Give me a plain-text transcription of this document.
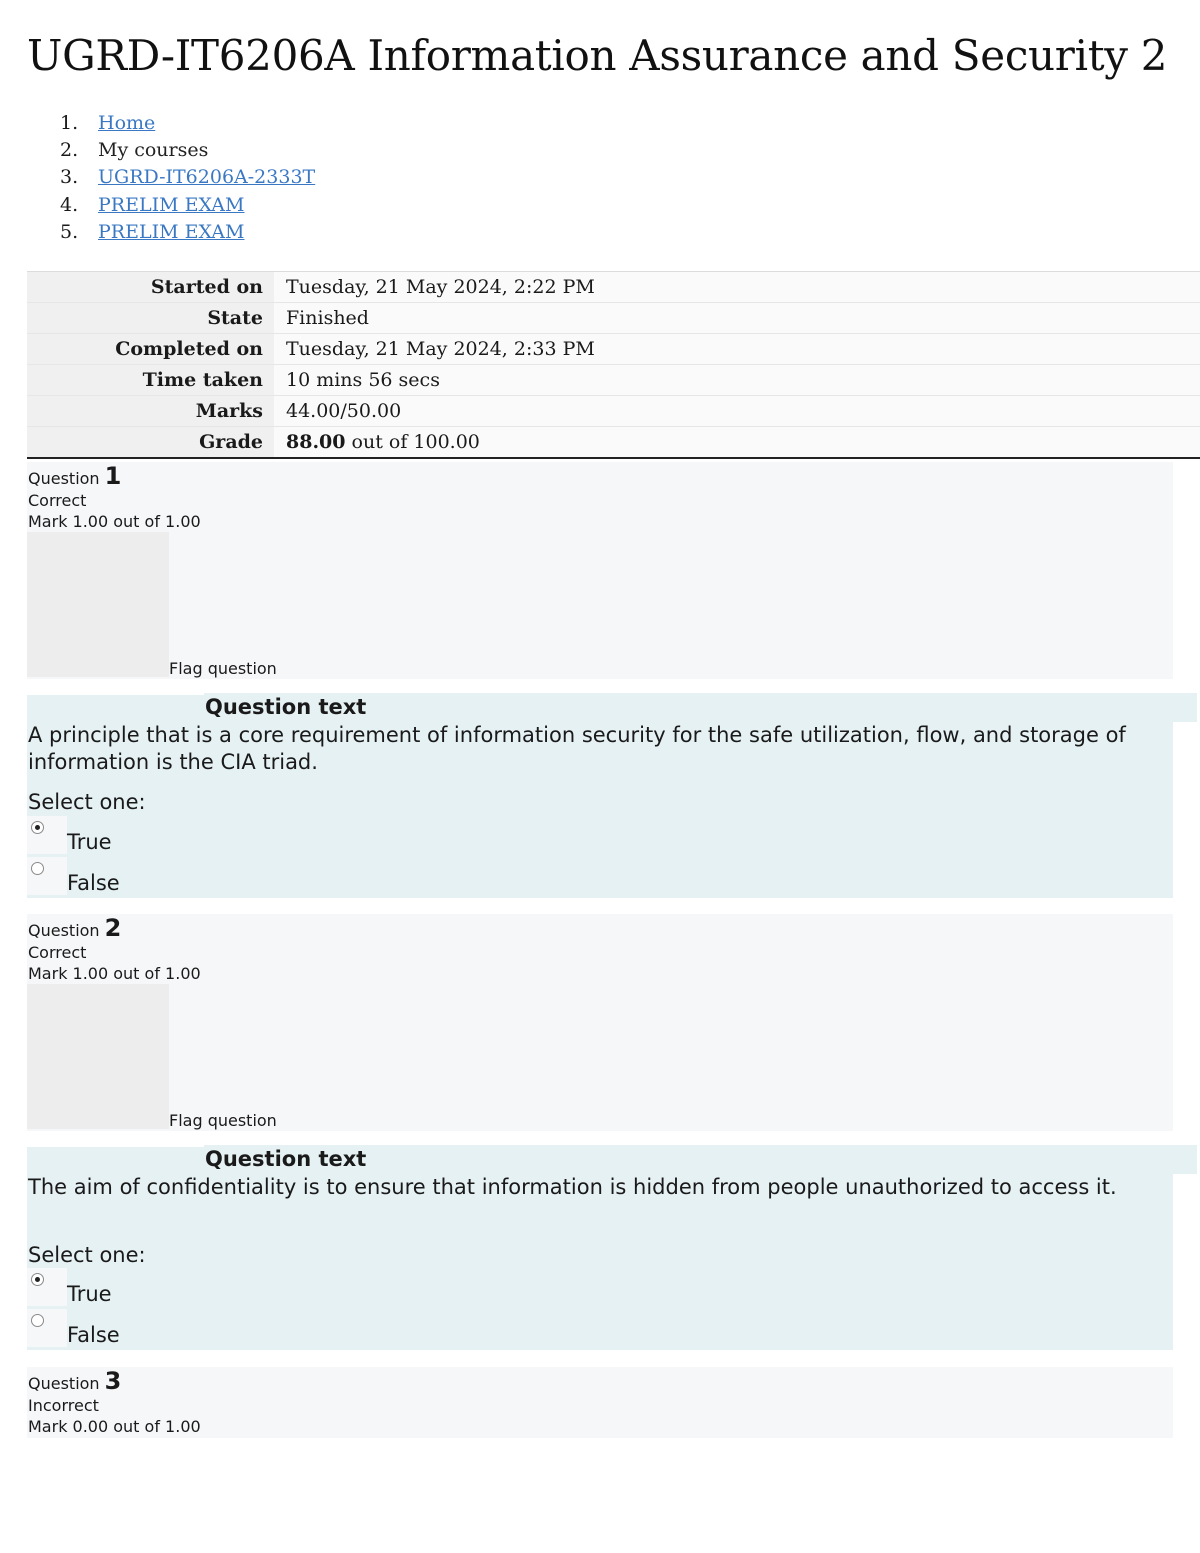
UGRD-IT6206A Information Assurance and Security 2
1.	Home
2.	My courses
3.	UGRD-IT6206A-2333T
4.	PRELIM EXAM
5.	PRELIM EXAM
Started on	Tuesday, 21 May 2024, 2:22 PM
State	Finished
Completed on	Tuesday, 21 May 2024, 2:33 PM
Time taken	10 mins 56 secs
Marks	44.00/50.00
Grade	88.00 out of 100.00
Question 1
Correct
Mark 1.00 out of 1.00
Flag question
Question text

A principle that is a core requirement of information security for the safe utilization, flow, and storage of information is the CIA triad.

Select one:
True
False
Question 2
Correct
Mark 1.00 out of 1.00
Flag question
Question text

The aim of confidentiality is to ensure that information is hidden from people unauthorized to access it.

Select one:
True
False
Question 3
Incorrect
Mark 0.00 out of 1.00
